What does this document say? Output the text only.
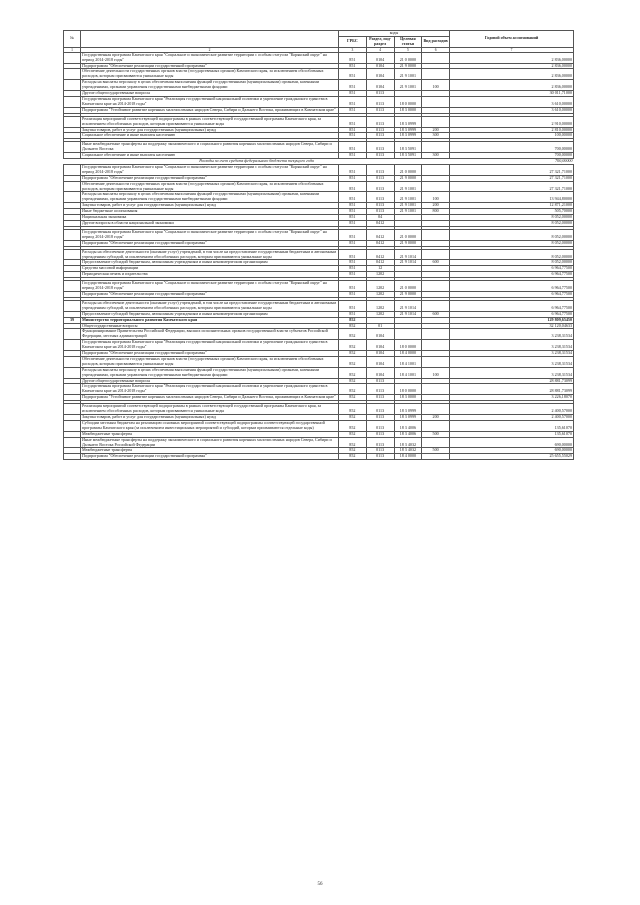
№		коды				Годовой объем ассигнований
		ГРБС	Раздел, под-раздел	Целевая статья	Вид расходов	
1	2	3	4	5	6	7
	Государственная программа Камчатского края "Социальное и экономическое развитие территории с особым статусом "Корякский округ" на период 2014-2018 годы"	851	0104	21 0 0000		2 836,00000
	Подпрограмма "Обеспечение реализации государственной программы"	851	0104	21 9 0000		2 836,00000
	Обеспечение деятельности государственных органов власти (государственных органов) Камчатского края, за исключением обособленных расходов, которым присваиваются уникальные коды	851	0104	21 9 1001		2 836,00000
	Расходы на выплаты персоналу в целях обеспечения выполнения функций государственными (муниципальными) органами, казенными учреждениями, органами управления государственными внебюджетными фондами	851	0104	21 9 1001	100	2 836,00000
	Другие общегосударственные вопросы	851	0113			30 011,71000
	Государственная программа Камчатского края "Реализация государственной национальной политики и укрепление гражданского единства в Камчатском крае на 2014-2018 годы"	851	0113	18 0 0000		3 610,00000
	Подпрограмма "Устойчивое развитие коренных малочисленных народов Севера, Сибири и Дальнего Востока, проживающих в Камчатском крае"	851	0113	18 3 0000		3 610,00000

	Реализация мероприятий соответствующей подпрограммы в рамках соответствующей государственной программы Камчатского края, за исключением обособленных расходов, которым присваиваются уникальные коды	851	0113	18 3 0999		2 910,00000
	Закупка товаров, работ и услуг для государственных (муниципальных) нужд	851	0113	18 3 0999	200	2 810,00000
	Социальное обеспечение и иные выплаты населению	851	0113	18 3 0999	300	100,00000

	Иные межбюджетные трансферты на поддержку экономического и социального развития коренных малочисленных народов Севера, Сибири и Дальнего Востока	851	0113	18 3 5091		700,00000
	Социальное обеспечение и иные выплаты населению	851	0113	18 3 5091	300	700,00000
Расходы за счет средств федерального бюджета текущего года						700,00000
	Государственная программа Камчатского края "Социальное и экономическое развитие территории с особым статусом "Корякский округ" на период 2014-2018 годы"	851	0113	21 0 0000		27 321,71000
	Подпрограмма "Обеспечение реализации государственной программы"	851	0113	21 9 0000		27 321,71000
	Обеспечение деятельности государственных органов власти (государственных органов) Камчатского края, за исключением обособленных расходов, которым присваиваются уникальные коды	851	0113	21 9 1001		27 321,71000
	Расходы на выплаты персоналу в целях обеспечения выполнения функций государственными (муниципальными) органами, казенными учреждениями, органами управления государственными внебюджетными фондами	851	0113	21 9 1001	100	13 944,80000
	Закупка товаров, работ и услуг для государственных (муниципальных) нужд	851	0113	21 9 1001	200	12 871,21000
	Иные бюджетные ассигнования	851	0113	21 9 1001	800	505,70000
	Национальная экономика	851	04			8 052,00000
	Другие вопросы в области национальной экономики	851	0412			8 052,00000

	Государственная программа Камчатского края "Социальное и экономическое развитие территории с особым статусом "Корякский округ" на период 2014-2018 годы"	851	0412	21 0 0000		8 052,00000
	Подпрограмма "Обеспечение реализации государственной программы"	851	0412	21 9 0000		8 052,00000

	Расходы на обеспечение деятельности (оказание услуг) учреждений, в том числе на предоставление государственным бюджетным и автономным учреждениям субсидий, за исключением обособленных расходов, которым присваиваются уникальные коды	851	0412	21 9 1014		8 052,00000
	Предоставление субсидий бюджетным, автономным учреждениям и иным некоммерческим организациям	851	0412	21 9 1014	600	8 052,00000
	Средства массовой информации	851	12			6 964,77500
	Периодическая печать и издательства	851	1202			6 964,77500

	Государственная программа Камчатского края "Социальное и экономическое развитие территории с особым статусом "Корякский округ" на период 2014-2018 годы"	851	1202	21 0 0000		6 964,77500
	Подпрограмма "Обеспечение реализации государственной программы"	851	1202	21 9 0000		6 964,77500

	Расходы на обеспечение деятельности (оказание услуг) учреждений, в том числе на предоставление государственным бюджетным и автономным учреждениям субсидий, за исключением обособленных расходов, которым присваиваются уникальные коды	851	1202	21 9 1014		6 964,77500
	Предоставление субсидий бюджетным, автономным учреждениям и иным некоммерческим организациям	851	1202	21 9 1014	600	6 964,77500
39	Министерство территориального развития Камчатского края	852				129 809,65450
	Общегосударственные вопросы	852	01			32 120,04633
	Функционирование Правительства Российской Федерации, высших исполнительных органов государственной власти субъектов Российской Федерации, местных администраций	852	0104			3 238,31534
	Государственная программа Камчатского края "Реализация государственной национальной политики и укрепление гражданского единства в Камчатском крае на 2014-2018 годы"	852	0104	18 0 0000		3 238,31534
	Подпрограмма "Обеспечение реализации государственной программы"	852	0104	18 4 0000		3 238,31534
	Обеспечение деятельности государственных органов власти (государственных органов) Камчатского края, за исключением обособленных расходов, которым присваиваются уникальные коды	852	0104	18 4 1001		3 238,31534
	Расходы на выплаты персоналу в целях обеспечения выполнения функций государственными (муниципальными) органами, казенными учреждениями, органами управления государственными внебюджетными фондами	852	0104	18 4 1001	100	3 238,31534
	Другие общегосударственные вопросы	852	0113			28 881,73099
	Государственная программа Камчатского края "Реализация государственной национальной политики и укрепление гражданского единства в Камчатском крае на 2014-2018 годы"	852	0113	18 0 0000		28 881,73099
	Подпрограмма "Устойчивое развитие коренных малочисленных народов Севера, Сибири и Дальнего Востока, проживающих в Камчатском крае"	852	0113	18 3 0000		3 226,18070

	Реализация мероприятий соответствующей подпрограммы в рамках соответствующей государственной программы Камчатского края, за исключением обособленных расходов, которым присваиваются уникальные коды	852	0113	18 3 0999		2 400,57000
	Закупка товаров, работ и услуг для государственных (муниципальных) нужд	852	0113	18 3 0999	200	2 400,57000
	Субсидии местным бюджетам на реализацию основных мероприятий соответствующей подпрограммы соответствующей государственной программы Камчатского края (за исключением инвестиционных мероприятий и субсидий, которым присваиваются отдельные коды)	852	0113	18 3 4006		135,61070
	Межбюджетные трансферты	852	0113	18 3 4006	500	135,61070
	Иные межбюджетные трансферты на поддержку экономического и социального развития коренных малочисленных народов Севера, Сибири и Дальнего Востока Российской Федерации	852	0113	18 3 4032		690,00000
	Межбюджетные трансферты	852	0113	18 3 4032	500	690,00000
	Подпрограмма "Обеспечение реализации государственной программы"	852	0113	18 4 0000		25 655,55029
56
